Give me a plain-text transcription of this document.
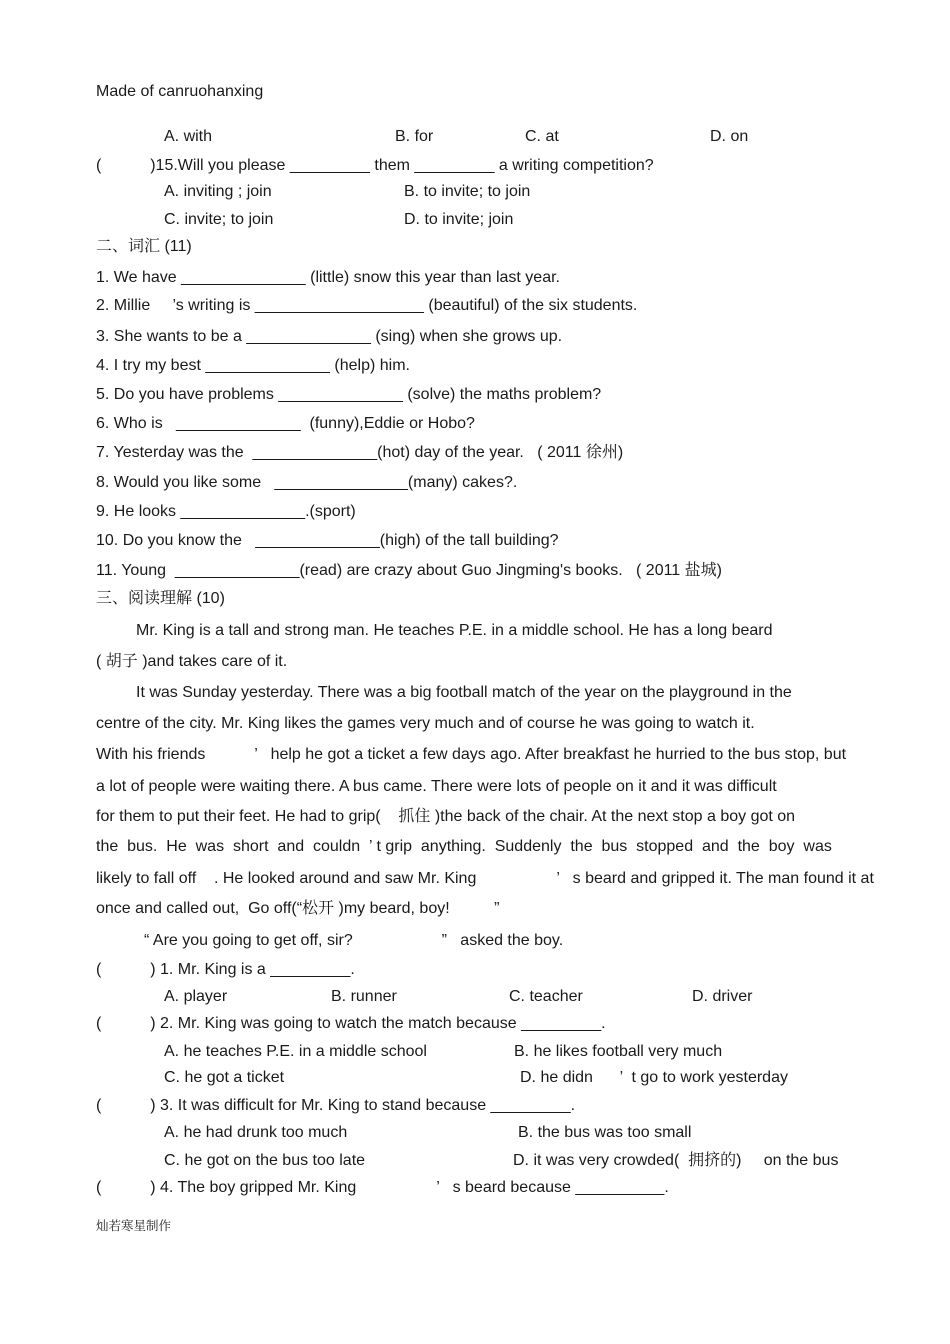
Made of canruohanxing
A. with	B. for	C. at	D. on
(           )15.Will you please _________ them _________ a writing competition?
A. inviting ; join	B. to invite; to join
C. invite; to join	D. to invite; join
二、词汇 (11)
1. We have ______________ (little) snow this year than last year.
2. Millie     ’s writing is ___________________ (beautiful) of the six students.
3. She wants to be a ______________ (sing) when she grows up.
4. I try my best ______________ (help) him.
5. Do you have problems ______________ (solve) the maths problem?
6. Who is   ______________  (funny),Eddie or Hobo?
7. Yesterday was the  ______________(hot) day of the year.   ( 2011 徐州)
8. Would you like some   _______________(many) cakes?.
9. He looks ______________.(sport)
10. Do you know the   ______________(high) of the tall building?
11. Young  ______________(read) are crazy about Guo Jingming's books.   ( 2011 盐城)
三、阅读理解 (10)
Mr. King is a tall and strong man. He teaches P.E. in a middle school. He has a long beard
( 胡子 )and takes care of it.
It was Sunday yesterday. There was a big football match of the year on the playground in the
centre of the city. Mr. King likes the games very much and of course he was going to watch it.
With his friends           ’   help he got a ticket a few days ago. After breakfast he hurried to the bus stop, but
a lot of people were waiting there. A bus came. There were lots of people on it and it was difficult
for them to put their feet. He had to grip(    抓住 )the back of the chair. At the next stop a boy got on
the  bus.  He  was  short  and  couldn  ’ t grip  anything.  Suddenly  the  bus  stopped  and  the  boy  was
likely to fall off    . He looked around and saw Mr. King                  ’   s beard and gripped it. The man found it at
once and called out,  Go off(“松开 )my beard, boy!          ”
“ Are you going to get off, sir?                    ”   asked the boy.
(           ) 1. Mr. King is a _________.
A. player	B. runner	C. teacher	D. driver
(           ) 2. Mr. King was going to watch the match because _________.
A. he teaches P.E. in a middle school	B. he likes football very much
C. he got a ticket	D. he didn      ’  t go to work yesterday
(           ) 3. It was difficult for Mr. King to stand because _________.
A. he had drunk too much	B. the bus was too small
C. he got on the bus too late	D. it was very crowded(  拥挤的)     on the bus
(           ) 4. The boy gripped Mr. King                  ’   s beard because __________.
灿若寒星制作
